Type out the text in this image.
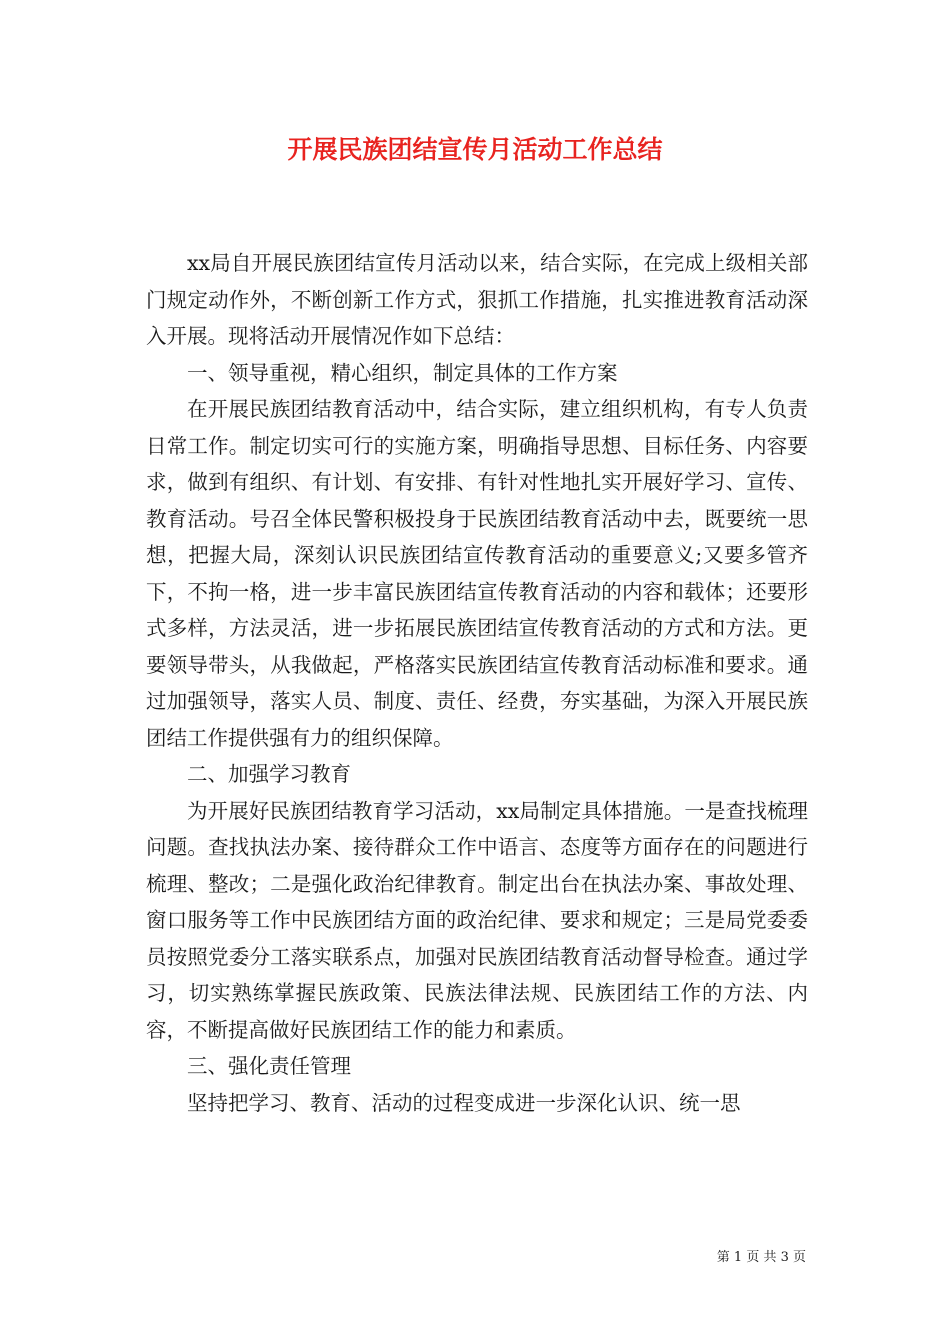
开展民族团结宣传月活动工作总结

xx局自开展民族团结宣传月活动以来，结合实际，在完成上级相关部门规定动作外，不断创新工作方式，狠抓工作措施，扎实推进教育活动深入开展。现将活动开展情况作如下总结：

一、领导重视，精心组织，制定具体的工作方案

在开展民族团结教育活动中，结合实际，建立组织机构，有专人负责日常工作。制定切实可行的实施方案，明确指导思想、目标任务、内容要求，做到有组织、有计划、有安排、有针对性地扎实开展好学习、宣传、教育活动。号召全体民警积极投身于民族团结教育活动中去，既要统一思想，把握大局，深刻认识民族团结宣传教育活动的重要意义;又要多管齐下，不拘一格，进一步丰富民族团结宣传教育活动的内容和载体；还要形式多样，方法灵活，进一步拓展民族团结宣传教育活动的方式和方法。更要领导带头，从我做起，严格落实民族团结宣传教育活动标准和要求。通过加强领导，落实人员、制度、责任、经费，夯实基础，为深入开展民族团结工作提供强有力的组织保障。

二、加强学习教育

为开展好民族团结教育学习活动，xx局制定具体措施。一是查找梳理问题。查找执法办案、接待群众工作中语言、态度等方面存在的问题进行梳理、整改；二是强化政治纪律教育。制定出台在执法办案、事故处理、窗口服务等工作中民族团结方面的政治纪律、要求和规定；三是局党委委员按照党委分工落实联系点，加强对民族团结教育活动督导检查。通过学习，切实熟练掌握民族政策、民族法律法规、民族团结工作的方法、内容，不断提高做好民族团结工作的能力和素质。

三、强化责任管理

坚持把学习、教育、活动的过程变成进一步深化认识、统一思

第 1 页 共 3 页
